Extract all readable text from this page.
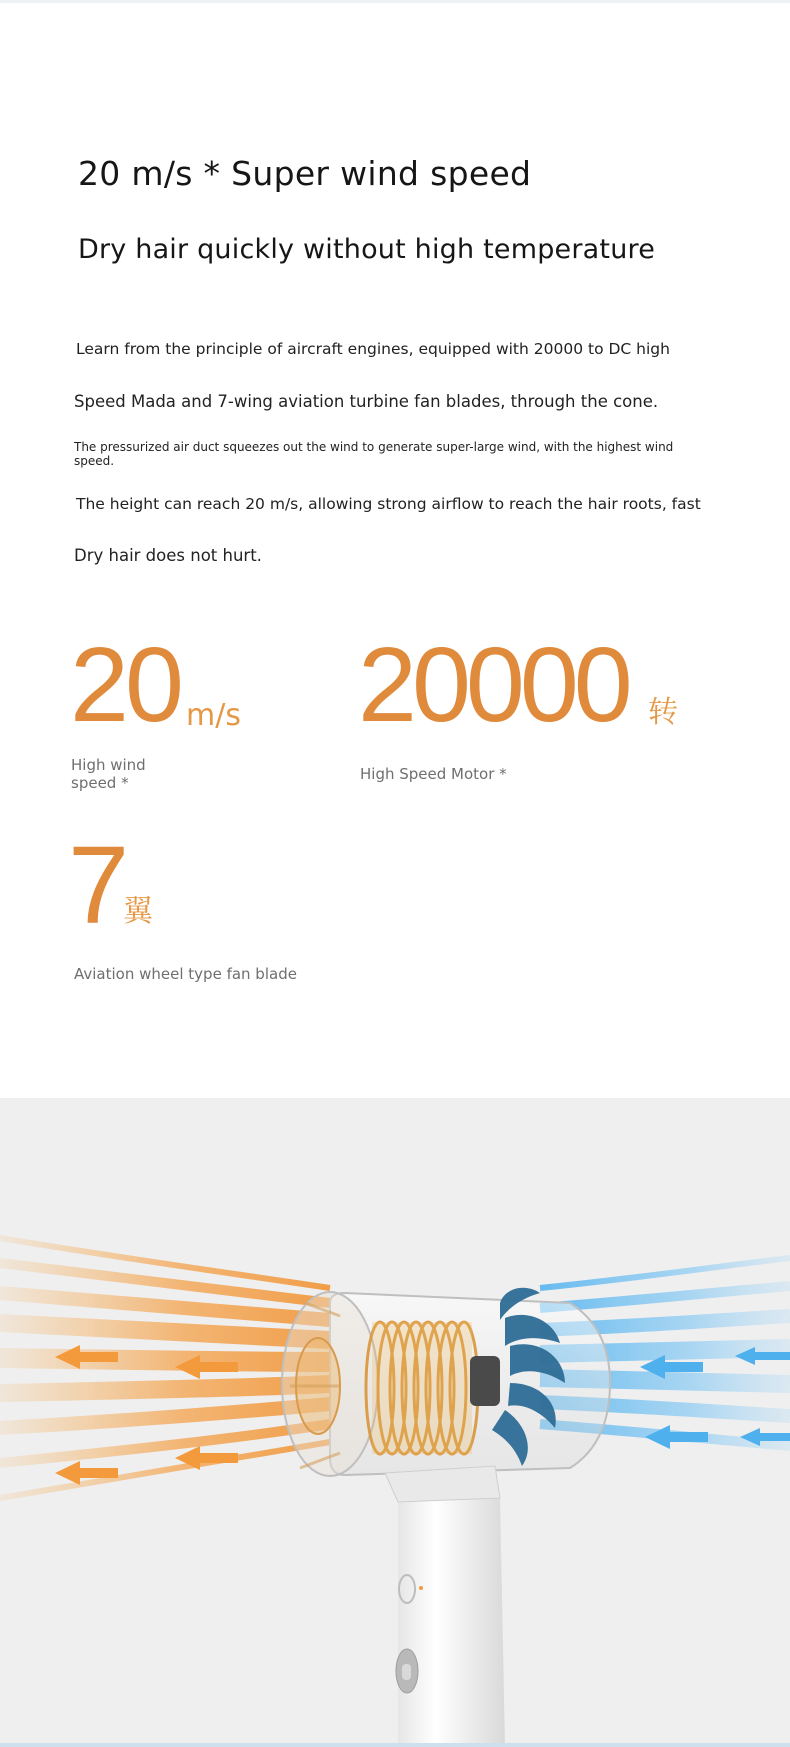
20 m/s * Super wind speed
Dry hair quickly without high temperature
Learn from the principle of aircraft engines, equipped with 20000 to DC high
Speed Mada and 7-wing aviation turbine fan blades, through the cone.
The pressurized air duct squeezes out the wind to generate super-large wind, with the highest wind speed.
The height can reach 20 m/s, allowing strong airflow to reach the hair roots, fast
Dry hair does not hurt.
20 m/s
High wind speed *
20000 转
High Speed Motor *
7
翼
Aviation wheel type fan blade
